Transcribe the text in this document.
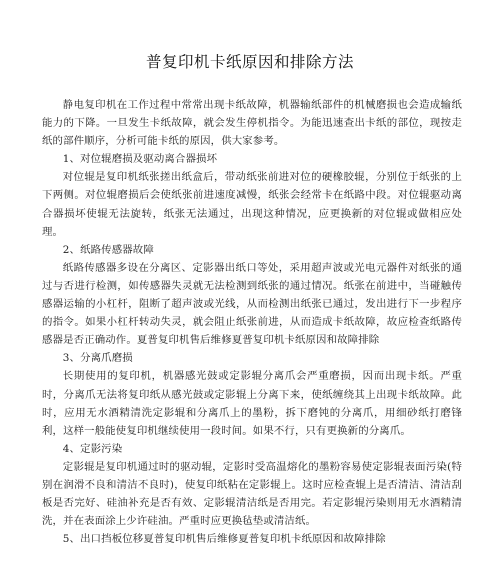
普复印机卡纸原因和排除方法

静电复印机在工作过程中常常出现卡纸故障，机器输纸部件的机械磨损也会造成输纸能力的下降。一旦发生卡纸故障，就会发生停机指令。为能迅速查出卡纸的部位，现按走纸的部件顺序，分析可能卡纸的原因，供大家参考。

1、对位辊磨损及驱动离合器损坏

对位辊是复印机纸张搓出纸盒后，带动纸张前进对位的硬橡胶辊，分别位于纸张的上下两侧。对位辊磨损后会使纸张前进速度减慢，纸张会经常卡在纸路中段。对位辊驱动离合器损坏使辊无法旋转，纸张无法通过，出现这种情况，应更换新的对位辊或做相应处理。

2、纸路传感器故障

纸路传感器多设在分离区、定影器出纸口等处，采用超声波或光电元器件对纸张的通过与否进行检测，如传感器失灵就无法检测到纸张的通过情况。纸张在前进中，当碰触传感器运输的小杠杆，阻断了超声波或光线，从而检测出纸张已通过，发出进行下一步程序的指令。如果小杠杆转动失灵，就会阻止纸张前进，从而造成卡纸故障，故应检查纸路传感器是否正确动作。夏普复印机售后维修夏普复印机卡纸原因和故障排除

3、分离爪磨损

长期使用的复印机，机器感光鼓或定影辊分离爪会严重磨损，因而出现卡纸。严重时，分离爪无法将复印纸从感光鼓或定影辊上分离下来，使纸缠绕其上出现卡纸故障。此时，应用无水酒精清洗定影辊和分离爪上的墨粉，拆下磨钝的分离爪，用细砂纸打磨锋利，这样一般能使复印机继续使用一段时间。如果不行，只有更换新的分离爪。

4、定影污染

定影辊是复印机通过时的驱动辊，定影时受高温熔化的墨粉容易使定影辊表面污染(特别在润滑不良和清洁不良时)，使复印纸粘在定影辊上。这时应检查辊上是否清洁、清洁刮板是否完好、硅油补充是否有效、定影辊清洁纸是否用完。若定影辊污染则用无水酒精清洗，并在表面涂上少许硅油。严重时应更换毡垫或清洁纸。

5、出口挡板位移夏普复印机售后维修夏普复印机卡纸原因和故障排除
